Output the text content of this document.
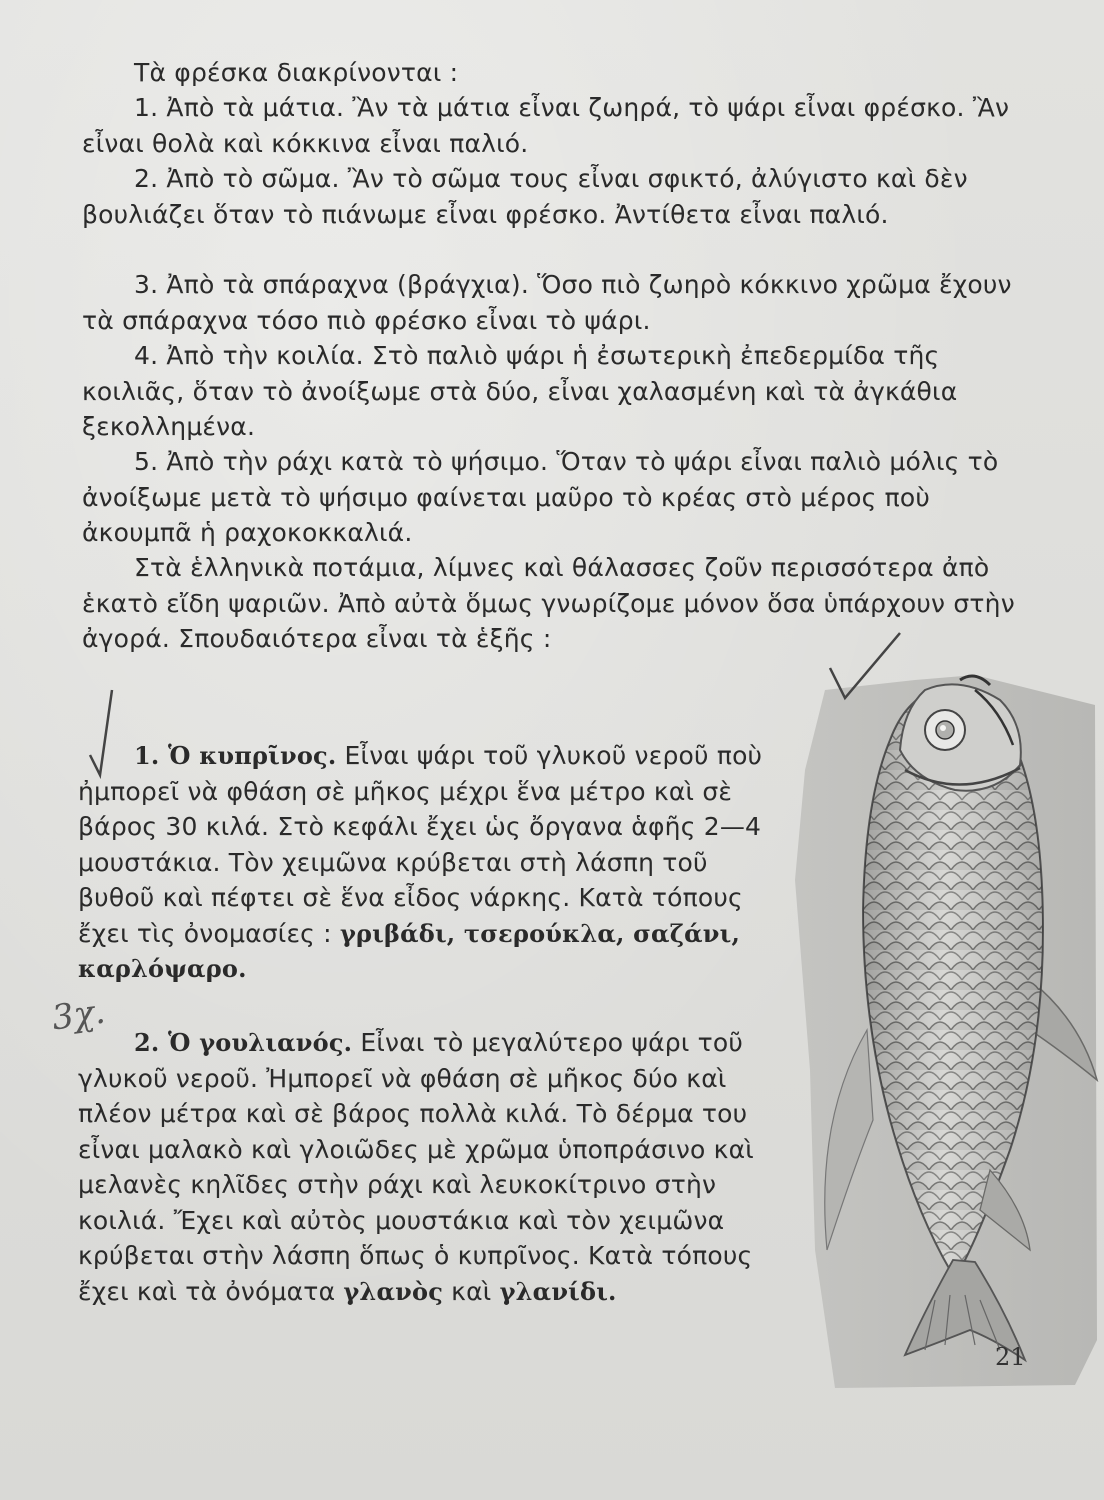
Τὰ φρέσκα διακρίνονται :

1. Ἀπὸ τὰ μάτια. Ἂν τὰ μάτια εἶναι ζωηρά, τὸ ψάρι εἶναι φρέσκο. Ἂν εἶναι θολὰ καὶ κόκκινα εἶναι παλιό.

2. Ἀπὸ τὸ σῶμα. Ἂν τὸ σῶμα τους εἶναι σφικτό, ἀλύγιστο καὶ δὲν βουλιάζει ὅταν τὸ πιάνωμε εἶναι φρέσκο. Ἀντίθετα εἶναι παλιό.

3. Ἀπὸ τὰ σπάραχνα (βράγχια). Ὅσο πιὸ ζωηρὸ κόκκινο χρῶμα ἔχουν τὰ σπάραχνα τόσο πιὸ φρέσκο εἶναι τὸ ψάρι.

4. Ἀπὸ τὴν κοιλία. Στὸ παλιὸ ψάρι ἡ ἐσωτερικὴ ἐπεδερμίδα τῆς κοιλιᾶς, ὅταν τὸ ἀνοίξωμε στὰ δύο, εἶναι χαλασμένη καὶ τὰ ἀγκάθια ξεκολλημένα.

5. Ἀπὸ τὴν ράχι κατὰ τὸ ψήσιμο. Ὅταν τὸ ψάρι εἶναι παλιὸ μόλις τὸ ἀνοίξωμε μετὰ τὸ ψήσιμο φαίνεται μαῦρο τὸ κρέας στὸ μέρος ποὺ ἀκουμπᾶ ἡ ραχοκοκκαλιά.

Στὰ ἑλληνικὰ ποτάμια, λίμνες καὶ θάλασσες ζοῦν περισσότερα ἀπὸ ἑκατὸ εἴδη ψαριῶν. Ἀπὸ αὐτὰ ὅμως γνωρίζομε μόνον ὅσα ὑπάρχουν στὴν ἀγορά. Σπουδαιότερα εἶναι τὰ ἑξῆς :

1. Ὁ κυπρῖνος. Εἶναι ψάρι τοῦ γλυκοῦ νεροῦ ποὺ ἠμπορεῖ νὰ φθάση σὲ μῆκος μέχρι ἕνα μέτρο καὶ σὲ βάρος 30 κιλά. Στὸ κεφάλι ἔχει ὡς ὄργανα ἁφῆς 2—4 μουστάκια. Τὸν χειμῶνα κρύβεται στὴ λάσπη τοῦ βυθοῦ καὶ πέφτει σὲ ἕνα εἶδος νάρκης. Κατὰ τόπους ἔχει τὶς ὀνομασίες : γριβάδι, τσερούκλα, σαζάνι, καρλόψαρο.

2. Ὁ γουλιανός. Εἶναι τὸ μεγαλύτερο ψάρι τοῦ γλυκοῦ νεροῦ. Ἠμπορεῖ νὰ φθάση σὲ μῆκος δύο καὶ πλέον μέτρα καὶ σὲ βάρος πολλὰ κιλά. Τὸ δέρμα του εἶναι μαλακὸ καὶ γλοιῶδες μὲ χρῶμα ὑποπράσινο καὶ μελανὲς κηλῖδες στὴν ράχι καὶ λευκοκίτρινο στὴν κοιλιά. Ἔχει καὶ αὐτὸς μουστάκια καὶ τὸν χειμῶνα κρύβεται στὴν λάσπη ὅπως ὁ κυπρῖνος. Κατὰ τόπους ἔχει καὶ τὰ ὀνόματα γλανὸς καὶ γλανίδι.

3χ.
21
